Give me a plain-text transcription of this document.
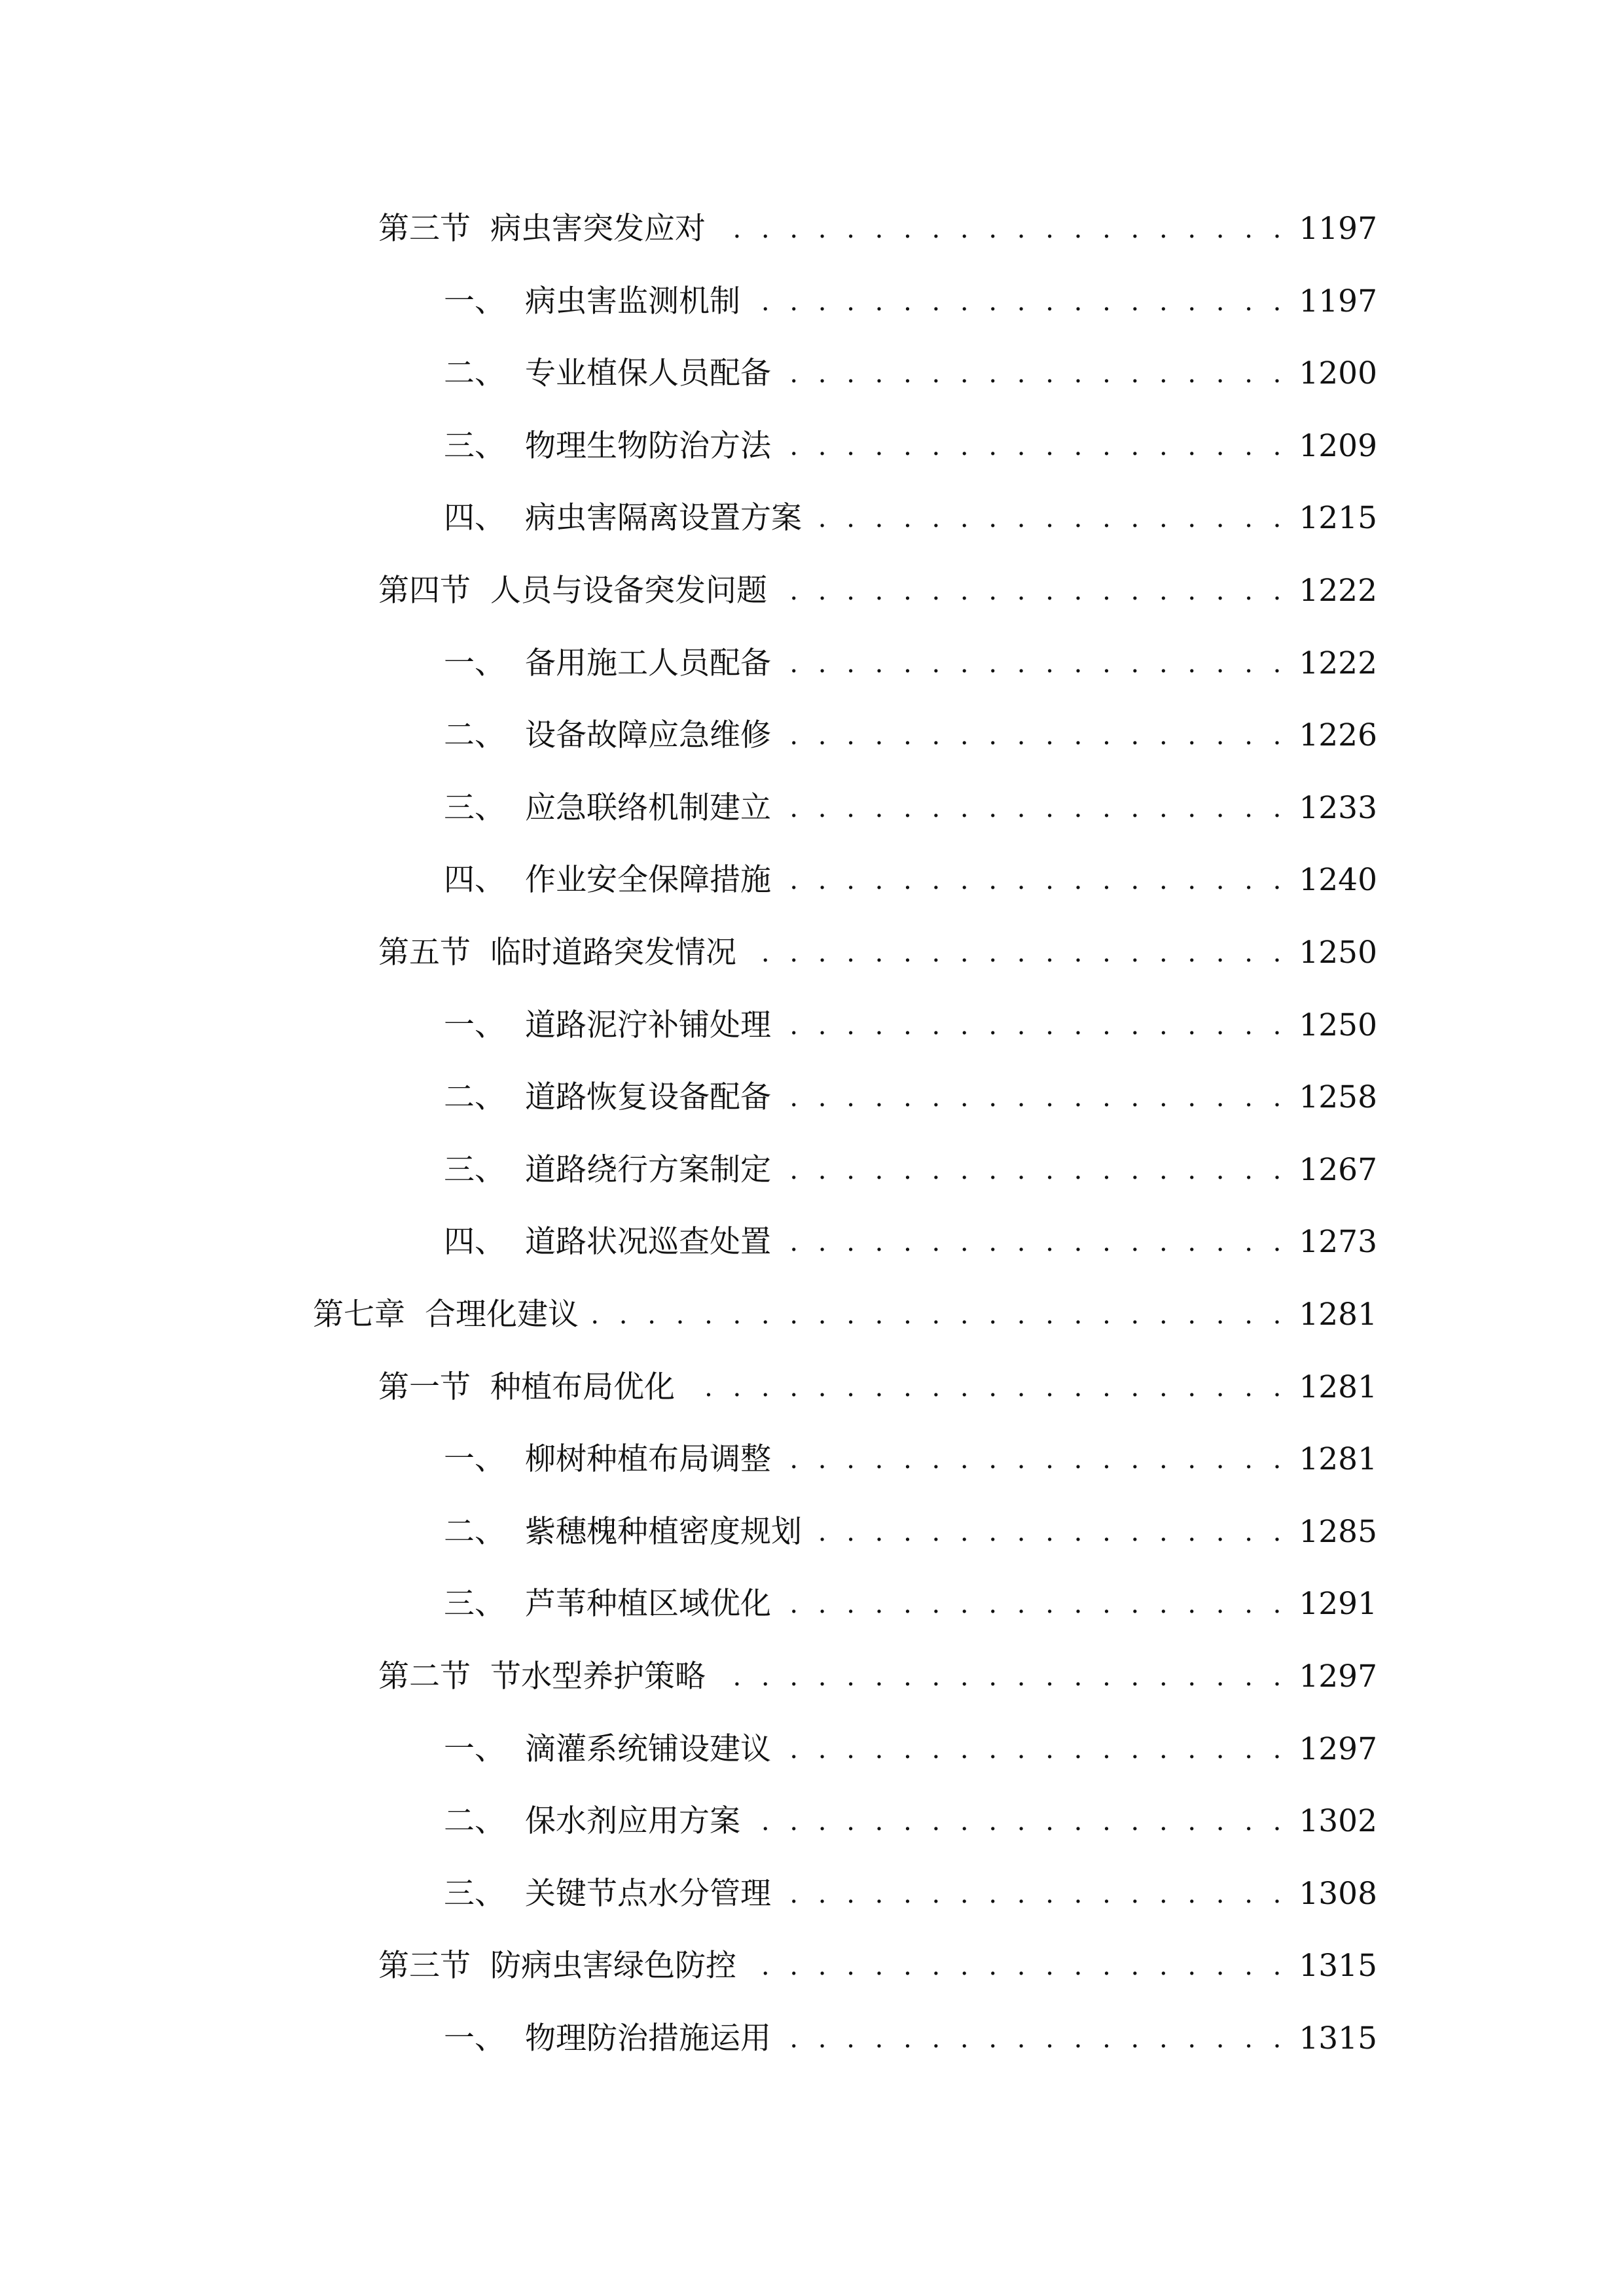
第三节 病虫害突发应对 . . .	1197
一、 病虫害监测机制 . . .	1197
二、 专业植保人员配备 . . .	1200
三、 物理生物防治方法 . . .	1209
四、 病虫害隔离设置方案 . . .	1215
第四节 人员与设备突发问题 . . .	1222
一、 备用施工人员配备 . . .	1222
二、 设备故障应急维修 . . .	1226
三、 应急联络机制建立 . . .	1233
四、 作业安全保障措施 . . .	1240
第五节 临时道路突发情况 . . .	1250
一、 道路泥泞补铺处理 . . .	1250
二、 道路恢复设备配备 . . .	1258
三、 道路绕行方案制定 . . .	1267
四、 道路状况巡查处置 . . .	1273
第七章 合理化建议 . . .	1281
第一节 种植布局优化 . . .	1281
一、 柳树种植布局调整 . . .	1281
二、 紫穗槐种植密度规划 . . .	1285
三、 芦苇种植区域优化 . . .	1291
第二节 节水型养护策略 . . .	1297
一、 滴灌系统铺设建议 . . .	1297
二、 保水剂应用方案 . . .	1302
三、 关键节点水分管理 . . .	1308
第三节 防病虫害绿色防控 . . .	1315
一、 物理防治措施运用 . . .	1315
